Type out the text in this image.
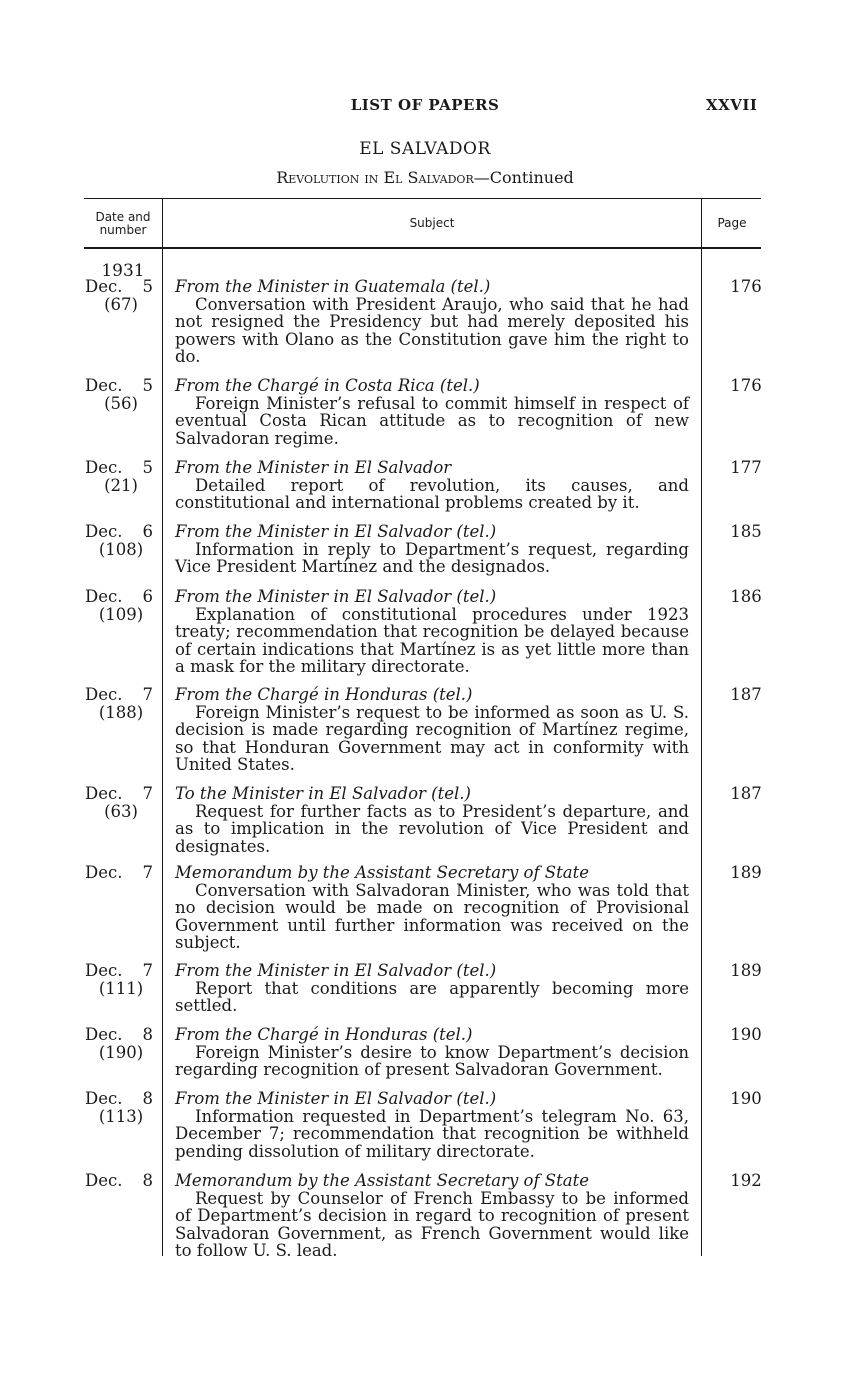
LIST OF PAPERS	XXVII
EL SALVADOR
Revolution in El Salvador—Continued
Date and
number	Subject	Page
1931
Dec. 5
(67)
From the Minister in Guatemala (tel.)

Conversation with President Araujo, who said that he had not resigned the Presidency but had merely deposited his powers with Olano as the Constitution gave him the right to do.

176
Dec. 5
(56)
From the Chargé in Costa Rica (tel.)

Foreign Minister’s refusal to commit himself in respect of eventual Costa Rican attitude as to recognition of new Salvadoran regime.

176
Dec. 5
(21)
From the Minister in El Salvador

Detailed report of revolution, its causes, and constitutional and international problems created by it.

177
Dec. 6
(108)
From the Minister in El Salvador (tel.)

Information in reply to Department’s request, regarding Vice President Martínez and the designados.

185
Dec. 6
(109)
From the Minister in El Salvador (tel.)

Explanation of constitutional procedures under 1923 treaty; recommendation that recognition be delayed because of certain indications that Martínez is as yet little more than a mask for the military directorate.

186
Dec. 7
(188)
From the Chargé in Honduras (tel.)

Foreign Minister’s request to be informed as soon as U. S. decision is made regarding recognition of Martínez regime, so that Honduran Government may act in conformity with United States.

187
Dec. 7
(63)
To the Minister in El Salvador (tel.)

Request for further facts as to President’s departure, and as to implication in the revolution of Vice President and designates.

187
Dec. 7 Memorandum by the Assistant Secretary of State

Conversation with Salvadoran Minister, who was told that no decision would be made on recognition of Provisional Government until further information was received on the subject.

189
Dec. 7
(111)
From the Minister in El Salvador (tel.)

Report that conditions are apparently becoming more settled.

189
Dec. 8
(190)
From the Chargé in Honduras (tel.)

Foreign Minister’s desire to know Department’s decision regarding recognition of present Salvadoran Government.

190
Dec. 8
(113)
From the Minister in El Salvador (tel.)

Information requested in Department’s telegram No. 63, December 7; recommendation that recognition be withheld pending dissolution of military directorate.

190
Dec. 8 Memorandum by the Assistant Secretary of State

Request by Counselor of French Embassy to be informed of Department’s decision in regard to recognition of present Salvadoran Government, as French Government would like to follow U. S. lead.

192
